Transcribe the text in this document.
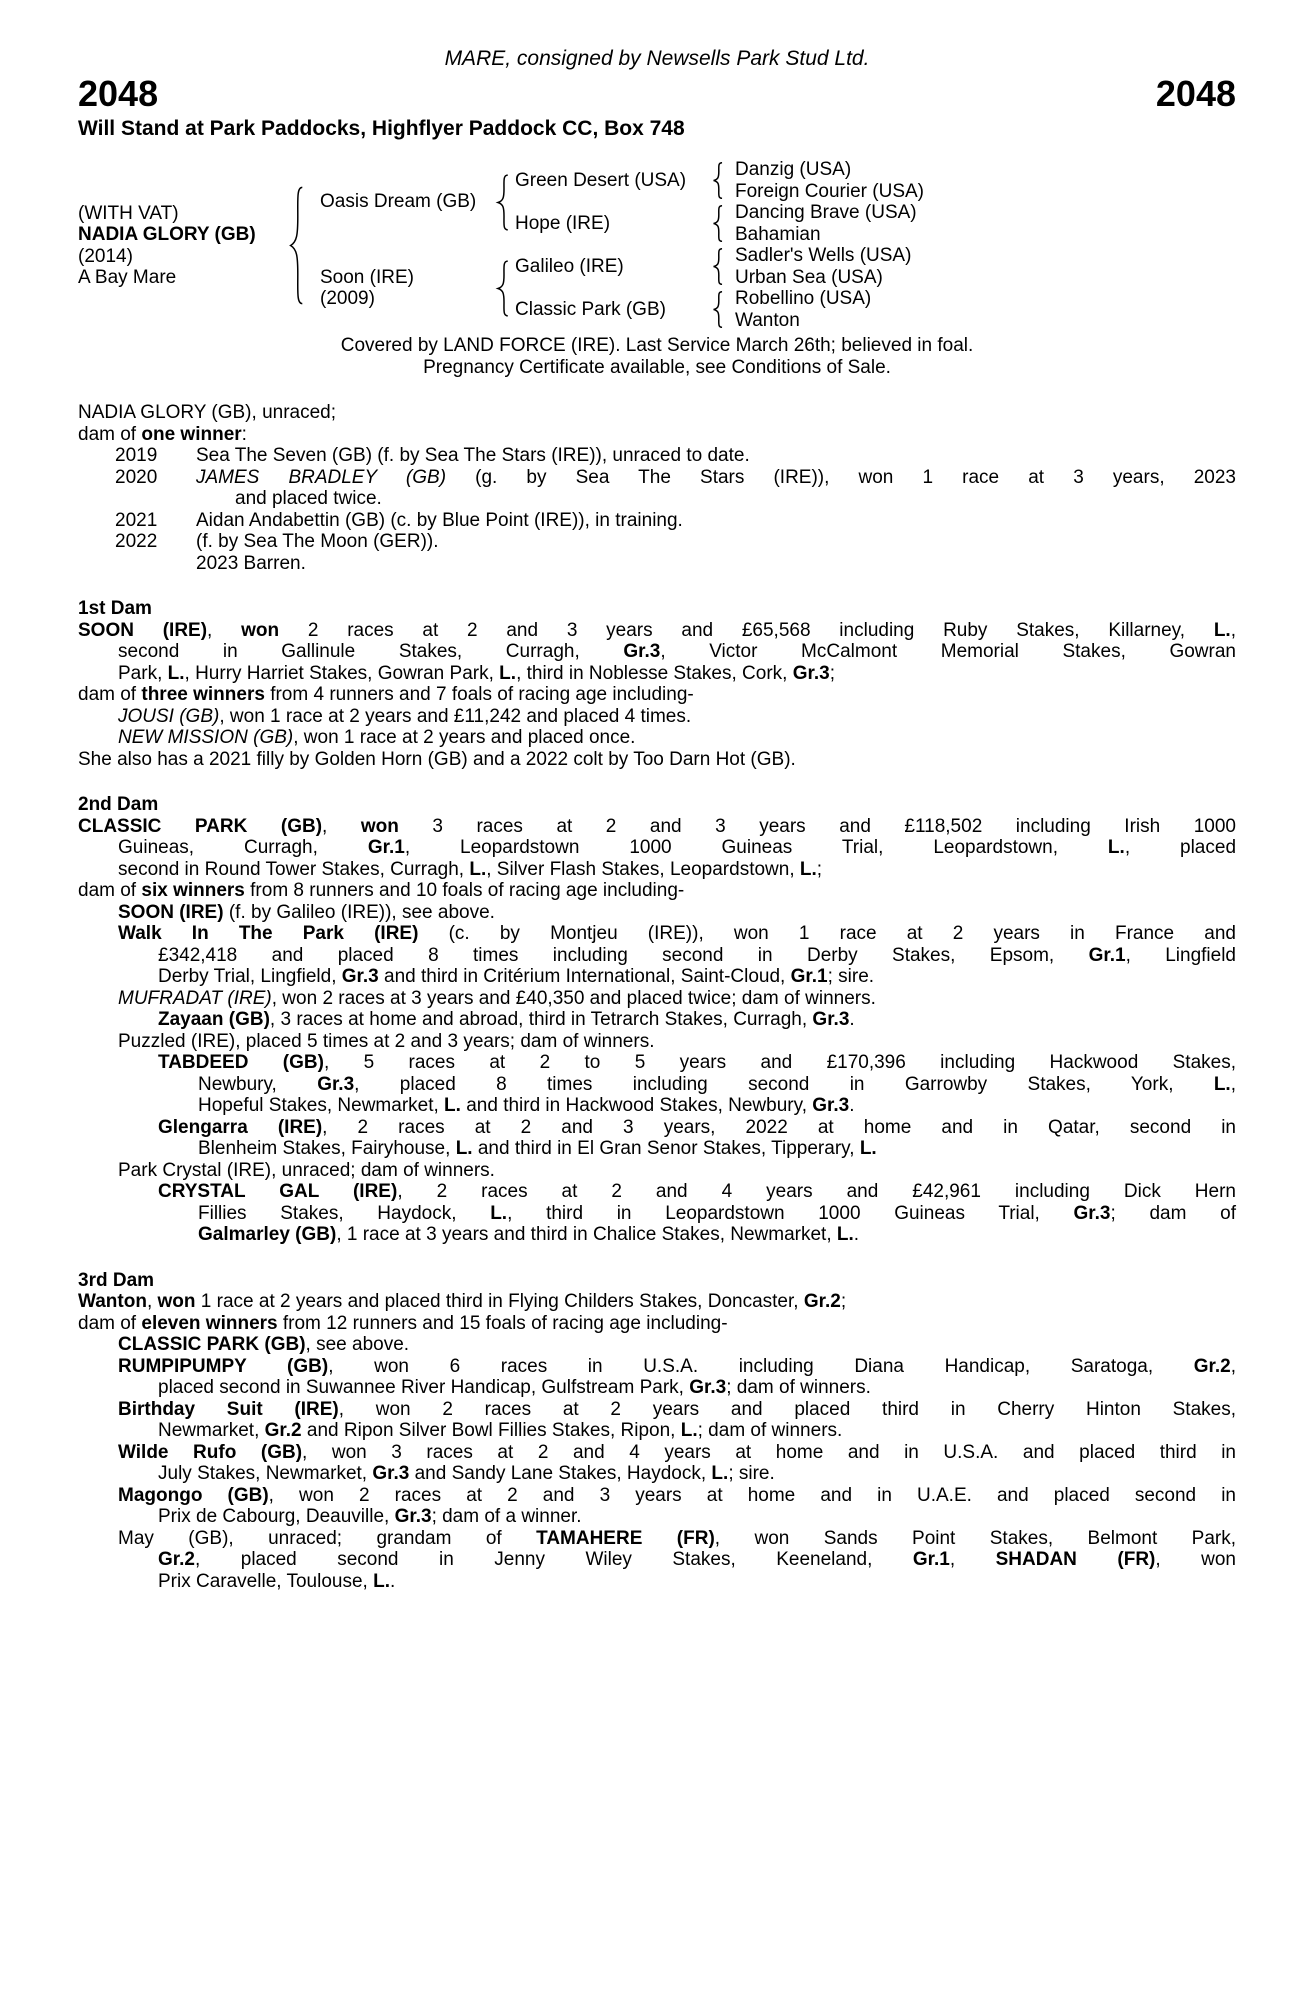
MARE, consigned by Newsells Park Stud Ltd.
2048	2048
Will Stand at Park Paddocks, Highflyer Paddock CC, Box 748
(WITH VAT)
NADIA GLORY (GB)
(2014)
A Bay Mare
Oasis Dream (GB)
Soon (IRE)
(2009)
Green Desert (USA)
Hope (IRE)
Galileo (IRE)
Classic Park (GB)
Danzig (USA)
Foreign Courier (USA)
Dancing Brave (USA)
Bahamian
Sadler's Wells (USA)
Urban Sea (USA)
Robellino (USA)
Wanton
Covered by LAND FORCE (IRE). Last Service March 26th; believed in foal.
Pregnancy Certificate available, see Conditions of Sale.
NADIA GLORY (GB), unraced;
dam of one winner:
2019	Sea The Seven (GB) (f. by Sea The Stars (IRE)), unraced to date.
2020	JAMES BRADLEY (GB) (g. by Sea The Stars (IRE)), won 1 race at 3 years, 2023
and placed twice.
2021	Aidan Andabettin (GB) (c. by Blue Point (IRE)), in training.
2022	(f. by Sea The Moon (GER)).
2023 Barren.
1st Dam
SOON (IRE), won 2 races at 2 and 3 years and £65,568 including Ruby Stakes, Killarney, L.,
second in Gallinule Stakes, Curragh, Gr.3, Victor McCalmont Memorial Stakes, Gowran
Park, L., Hurry Harriet Stakes, Gowran Park, L., third in Noblesse Stakes, Cork, Gr.3;
dam of three winners from 4 runners and 7 foals of racing age including-
JOUSI (GB), won 1 race at 2 years and £11,242 and placed 4 times.
NEW MISSION (GB), won 1 race at 2 years and placed once.
She also has a 2021 filly by Golden Horn (GB) and a 2022 colt by Too Darn Hot (GB).
2nd Dam
CLASSIC PARK (GB), won 3 races at 2 and 3 years and £118,502 including Irish 1000
Guineas, Curragh, Gr.1, Leopardstown 1000 Guineas Trial, Leopardstown, L., placed
second in Round Tower Stakes, Curragh, L., Silver Flash Stakes, Leopardstown, L.;
dam of six winners from 8 runners and 10 foals of racing age including-
SOON (IRE) (f. by Galileo (IRE)), see above.
Walk In The Park (IRE) (c. by Montjeu (IRE)), won 1 race at 2 years in France and
£342,418 and placed 8 times including second in Derby Stakes, Epsom, Gr.1, Lingfield
Derby Trial, Lingfield, Gr.3 and third in Critérium International, Saint-Cloud, Gr.1; sire.
MUFRADAT (IRE), won 2 races at 3 years and £40,350 and placed twice; dam of winners.
Zayaan (GB), 3 races at home and abroad, third in Tetrarch Stakes, Curragh, Gr.3.
Puzzled (IRE), placed 5 times at 2 and 3 years; dam of winners.
TABDEED (GB), 5 races at 2 to 5 years and £170,396 including Hackwood Stakes,
Newbury, Gr.3, placed 8 times including second in Garrowby Stakes, York, L.,
Hopeful Stakes, Newmarket, L. and third in Hackwood Stakes, Newbury, Gr.3.
Glengarra (IRE), 2 races at 2 and 3 years, 2022 at home and in Qatar, second in
Blenheim Stakes, Fairyhouse, L. and third in El Gran Senor Stakes, Tipperary, L.
Park Crystal (IRE), unraced; dam of winners.
CRYSTAL GAL (IRE), 2 races at 2 and 4 years and £42,961 including Dick Hern
Fillies Stakes, Haydock, L., third in Leopardstown 1000 Guineas Trial, Gr.3; dam of
Galmarley (GB), 1 race at 3 years and third in Chalice Stakes, Newmarket, L..
3rd Dam
Wanton, won 1 race at 2 years and placed third in Flying Childers Stakes, Doncaster, Gr.2;
dam of eleven winners from 12 runners and 15 foals of racing age including-
CLASSIC PARK (GB), see above.
RUMPIPUMPY (GB), won 6 races in U.S.A. including Diana Handicap, Saratoga, Gr.2,
placed second in Suwannee River Handicap, Gulfstream Park, Gr.3; dam of winners.
Birthday Suit (IRE), won 2 races at 2 years and placed third in Cherry Hinton Stakes,
Newmarket, Gr.2 and Ripon Silver Bowl Fillies Stakes, Ripon, L.; dam of winners.
Wilde Rufo (GB), won 3 races at 2 and 4 years at home and in U.S.A. and placed third in
July Stakes, Newmarket, Gr.3 and Sandy Lane Stakes, Haydock, L.; sire.
Magongo (GB), won 2 races at 2 and 3 years at home and in U.A.E. and placed second in
Prix de Cabourg, Deauville, Gr.3; dam of a winner.
May (GB), unraced; grandam of TAMAHERE (FR), won Sands Point Stakes, Belmont Park,
Gr.2, placed second in Jenny Wiley Stakes, Keeneland, Gr.1, SHADAN (FR), won
Prix Caravelle, Toulouse, L..
